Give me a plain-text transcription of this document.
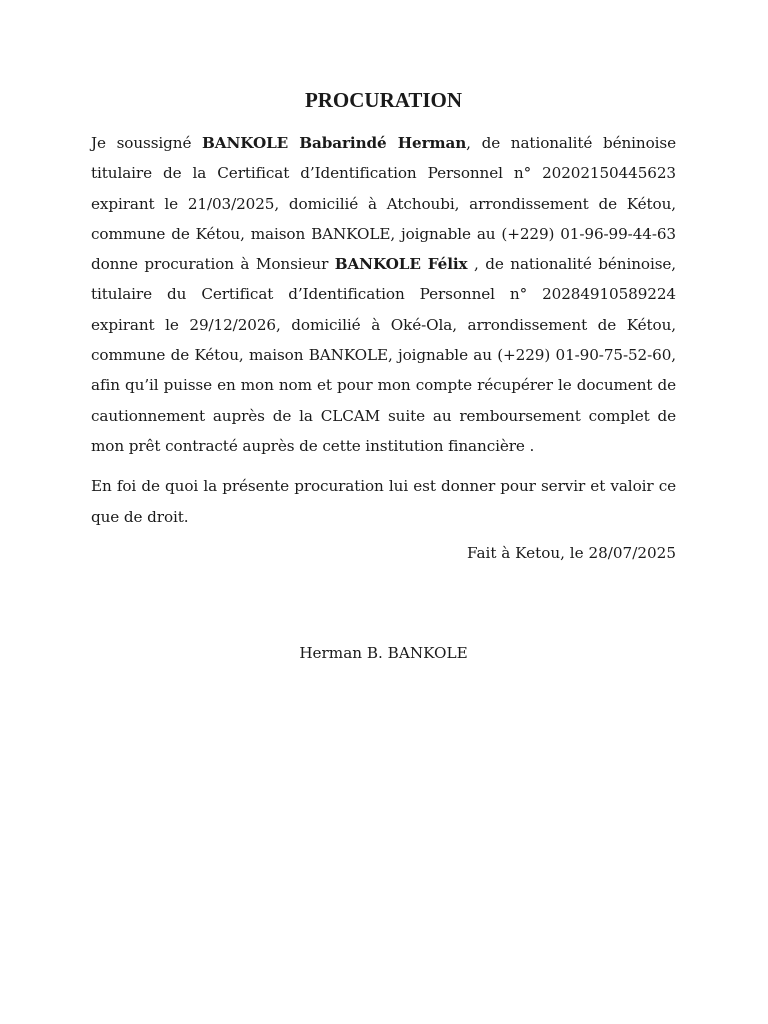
PROCURATION

Je soussigné BANKOLE Babarindé Herman, de nationalité béninoise titulaire de la Certificat d’Identification Personnel n° 20202150445623 expirant le 21/03/2025, domicilié à Atchoubi, arrondissement de Kétou, commune de Kétou, maison BANKOLE, joignable au (+229) 01-96-99-44-63 donne procuration à Monsieur BANKOLE Félix , de nationalité béninoise, titulaire du Certificat d’Identification Personnel n° 20284910589224 expirant le 29/12/2026, domicilié à Oké-Ola, arrondissement de Kétou, commune de Kétou, maison BANKOLE, joignable au (+229) 01-90-75-52-60, afin qu’il puisse en mon nom et pour mon compte récupérer le document de cautionnement auprès de la CLCAM suite au remboursement complet de mon prêt contracté auprès de cette institution financière .

En foi de quoi la présente procuration lui est donner pour servir et valoir ce que de droit.

Fait à Ketou, le 28/07/2025
Herman B. BANKOLE
